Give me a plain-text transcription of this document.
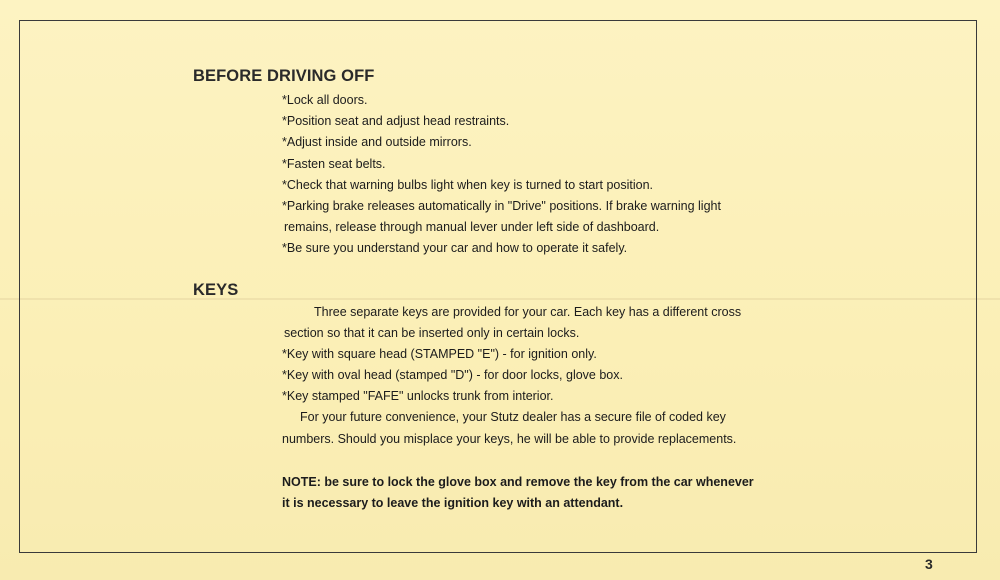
BEFORE DRIVING OFF
*Lock all doors.
*Position seat and adjust head restraints.
*Adjust inside and outside mirrors.
*Fasten seat belts.
*Check that warning bulbs light when key is turned to start position.
*Parking brake releases automatically in "Drive" positions. If brake warning light
remains, release through manual lever under left side of dashboard.
*Be sure you understand your car and how to operate it safely.
KEYS
Three separate keys are provided for your car. Each key has a different cross
section so that it can be inserted only in certain locks.
*Key with square head (STAMPED "E") - for ignition only.
*Key with oval head (stamped "D") - for door locks, glove box.
*Key stamped "FAFE" unlocks trunk from interior.
For your future convenience, your Stutz dealer has a secure file of coded key
numbers. Should you misplace your keys, he will be able to provide replacements.
NOTE: be sure to lock the glove box and remove the key from the car whenever
it is necessary to leave the ignition key with an attendant.
3
